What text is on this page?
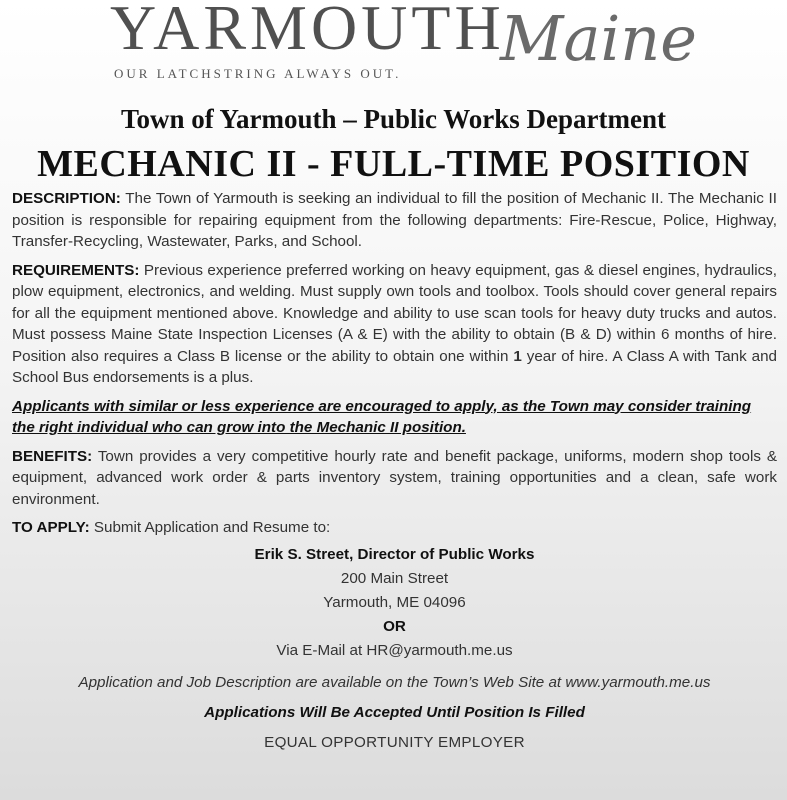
YARMOUTH
Maine
OUR LATCHSTRING ALWAYS OUT.
Town of Yarmouth – Public Works Department
MECHANIC II - FULL-TIME POSITION

DESCRIPTION: The Town of Yarmouth is seeking an individual to fill the position of Mechanic II. The Mechanic II position is responsible for repairing equipment from the following departments: Fire-Rescue, Police, Highway, Transfer-Recycling, Wastewater, Parks, and School.

REQUIREMENTS: Previous experience preferred working on heavy equipment, gas & diesel engines, hydraulics, plow equipment, electronics, and welding. Must supply own tools and toolbox. Tools should cover general repairs for all the equipment mentioned above. Knowledge and ability to use scan tools for heavy duty trucks and autos. Must possess Maine State Inspection Licenses (A & E) with the ability to obtain (B & D) within 6 months of hire. Position also requires a Class B license or the ability to obtain one within 1 year of hire. A Class A with Tank and School Bus endorsements is a plus.

Applicants with similar or less experience are encouraged to apply, as the Town may consider training the right individual who can grow into the Mechanic II position.

BENEFITS: Town provides a very competitive hourly rate and benefit package, uniforms, modern shop tools & equipment, advanced work order & parts inventory system, training opportunities and a clean, safe work environment.

TO APPLY: Submit Application and Resume to:

Erik S. Street, Director of Public Works

200 Main Street

Yarmouth, ME 04096

OR

Via E-Mail at HR@yarmouth.me.us

Application and Job Description are available on the Town’s Web Site at www.yarmouth.me.us

Applications Will Be Accepted Until Position Is Filled

EQUAL OPPORTUNITY EMPLOYER
